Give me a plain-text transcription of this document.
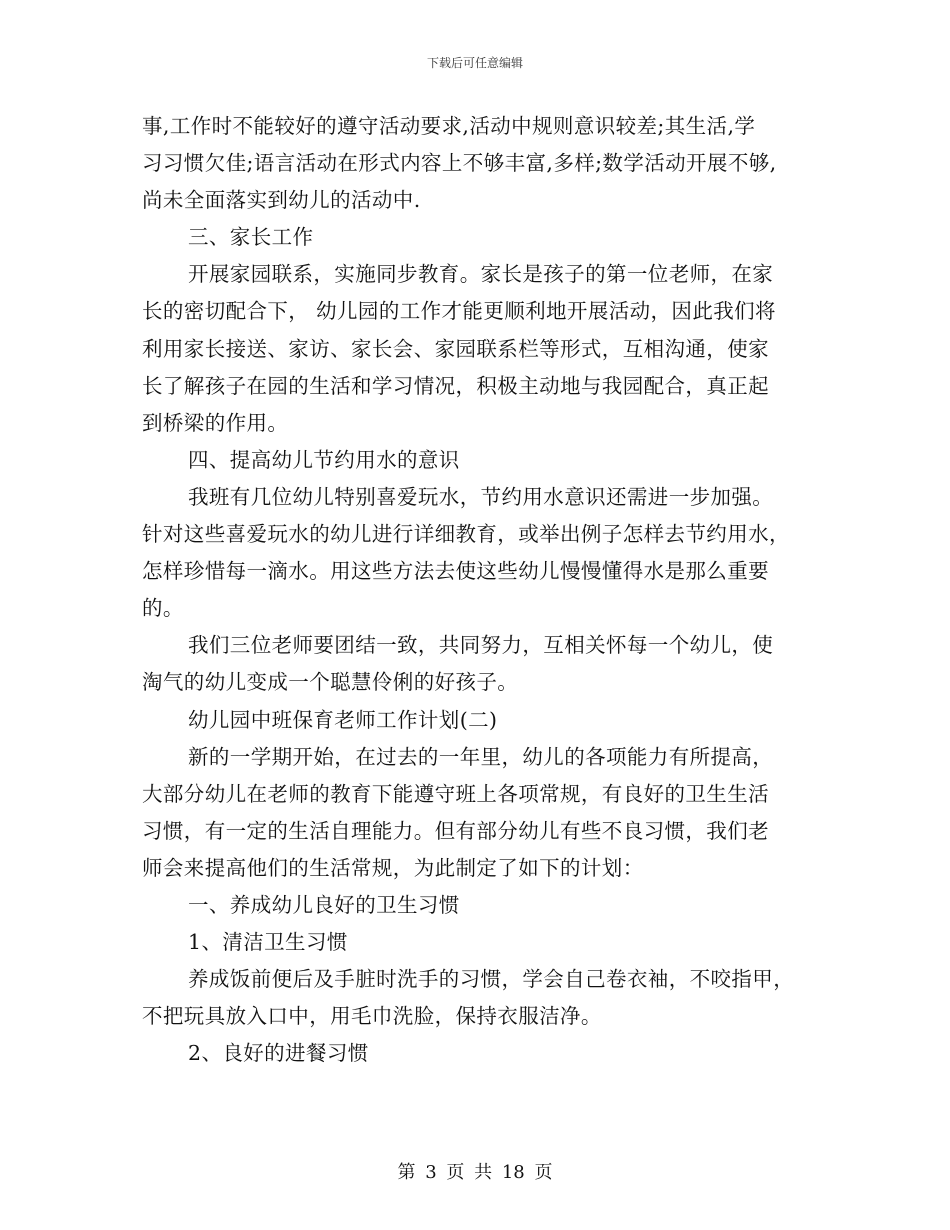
下载后可任意编辑
事,工作时不能较好的遵守活动要求,活动中规则意识较差;其生活,学
习习惯欠佳;语言活动在形式内容上不够丰富,多样;数学活动开展不够,
尚未全面落实到幼儿的活动中.
三、家长工作
开展家园联系，实施同步教育。家长是孩子的第一位老师，在家
长的密切配合下， 幼儿园的工作才能更顺利地开展活动，因此我们将
利用家长接送、家访、家长会、家园联系栏等形式，互相沟通，使家
长了解孩子在园的生活和学习情况，积极主动地与我园配合，真正起
到桥梁的作用。
四、提高幼儿节约用水的意识
我班有几位幼儿特别喜爱玩水，节约用水意识还需进一步加强。
针对这些喜爱玩水的幼儿进行详细教育，或举出例子怎样去节约用水，
怎样珍惜每一滴水。用这些方法去使这些幼儿慢慢懂得水是那么重要
的。
我们三位老师要团结一致，共同努力，互相关怀每一个幼儿，使
淘气的幼儿变成一个聪慧伶俐的好孩子。
幼儿园中班保育老师工作计划(二)
新的一学期开始，在过去的一年里，幼儿的各项能力有所提高，
大部分幼儿在老师的教育下能遵守班上各项常规，有良好的卫生生活
习惯，有一定的生活自理能力。但有部分幼儿有些不良习惯，我们老
师会来提高他们的生活常规，为此制定了如下的计划：
一、养成幼儿良好的卫生习惯
1、清洁卫生习惯
养成饭前便后及手脏时洗手的习惯，学会自己卷衣袖，不咬指甲，
不把玩具放入口中，用毛巾洗脸，保持衣服洁净。
2、良好的进餐习惯
第 3 页 共 18 页
